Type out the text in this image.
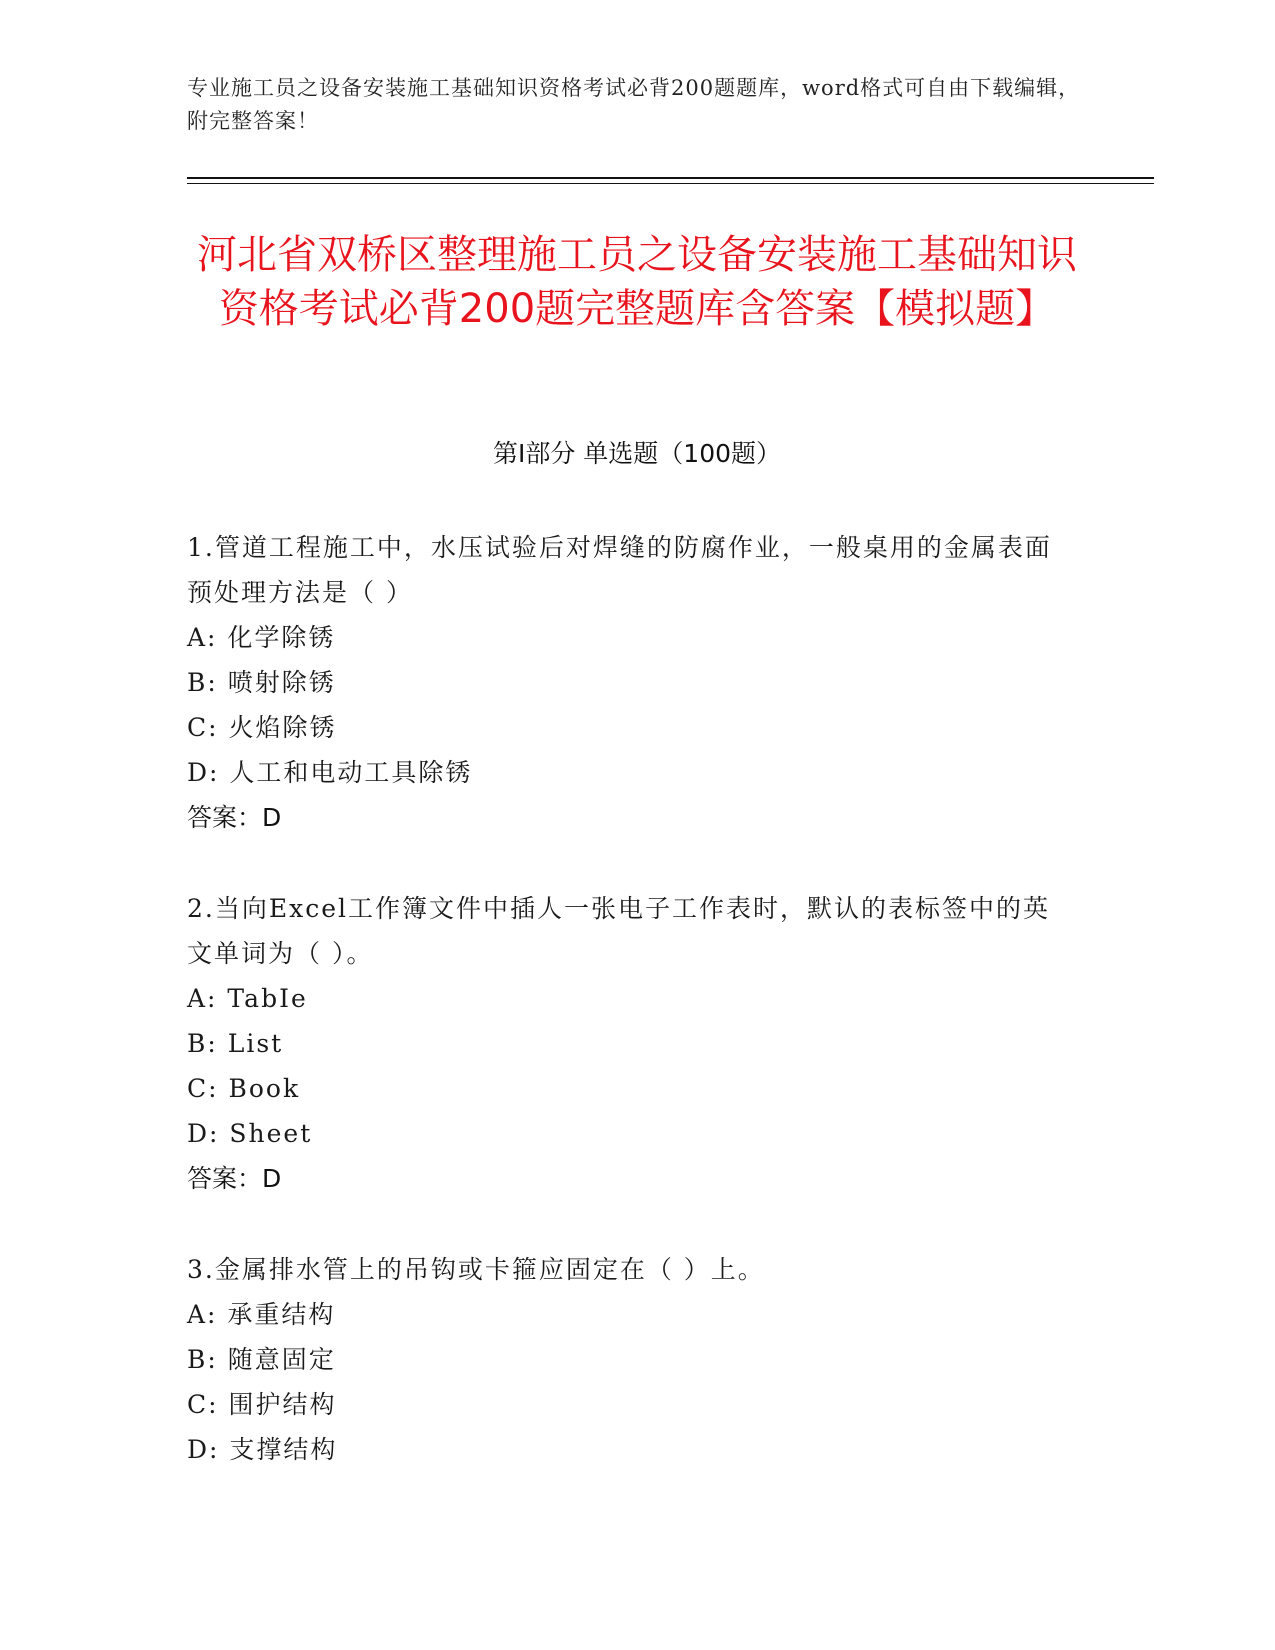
专业施工员之设备安装施工基础知识资格考试必背200题题库，word格式可自由下载编辑，附完整答案！
河北省双桥区整理施工员之设备安装施工基础知识资格考试必背200题完整题库含答案【模拟题】
第I部分 单选题（100题）
1.管道工程施工中，水压试验后对焊缝的防腐作业，一般桌用的金属表面预处理方法是（ ）
A: 化学除锈
B: 喷射除锈
C: 火焰除锈
D: 人工和电动工具除锈
答案：D
2.当向Excel工作簿文件中插人一张电子工作表时，默认的表标签中的英文单词为（ ）。
A: TabIe
B: List
C: Book
D: Sheet
答案：D
3.金属排水管上的吊钩或卡箍应固定在（ ）上。
A: 承重结构
B: 随意固定
C: 围护结构
D: 支撑结构
